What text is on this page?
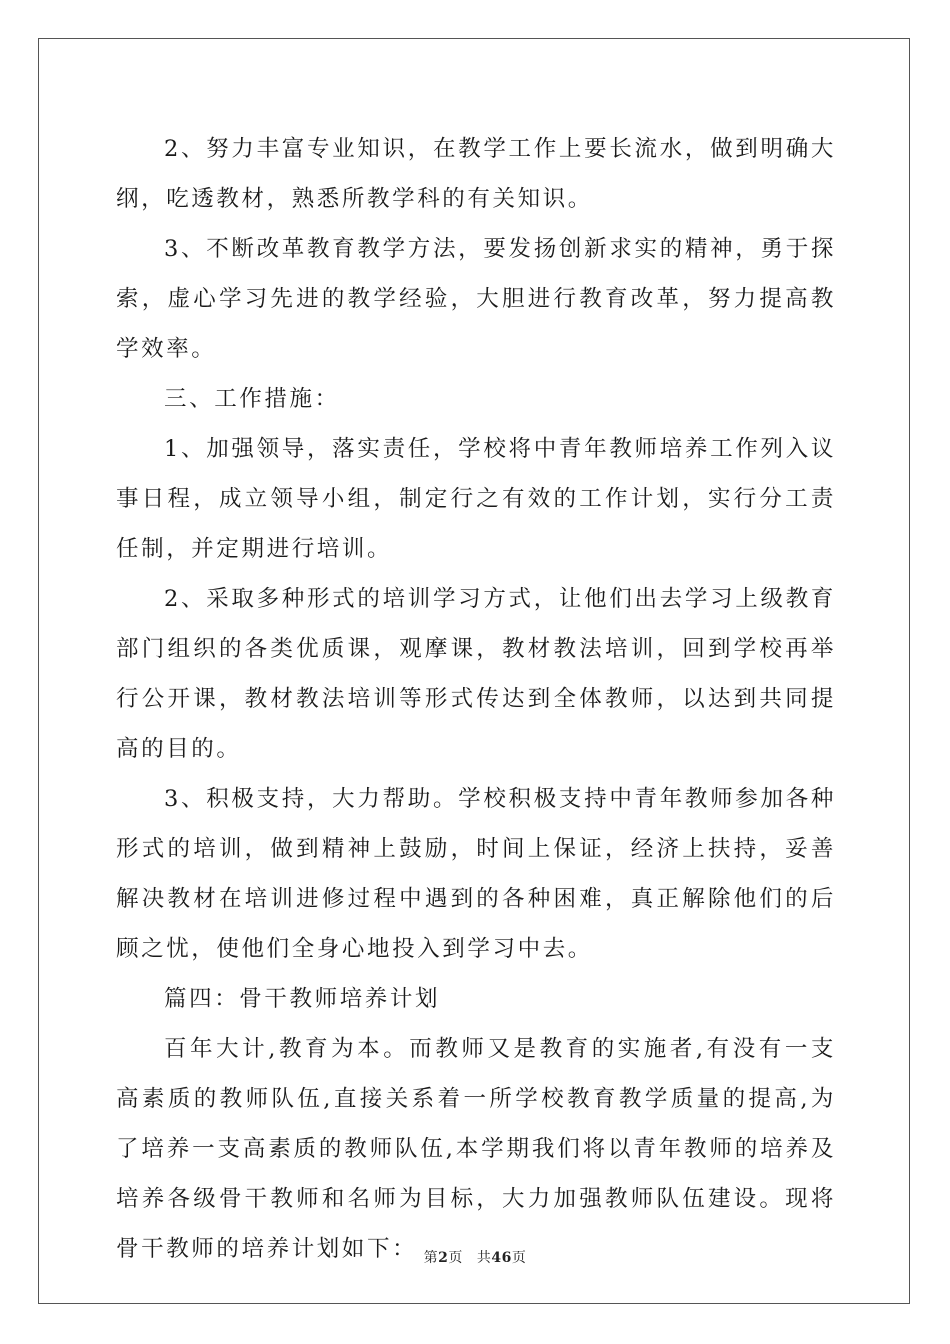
2、努力丰富专业知识，在教学工作上要长流水，做到明确大纲，吃透教材，熟悉所教学科的有关知识。

3、不断改革教育教学方法，要发扬创新求实的精神，勇于探索，虚心学习先进的教学经验，大胆进行教育改革，努力提高教学效率。

三、工作措施：

1、加强领导，落实责任，学校将中青年教师培养工作列入议事日程，成立领导小组，制定行之有效的工作计划，实行分工责任制，并定期进行培训。

2、采取多种形式的培训学习方式，让他们出去学习上级教育部门组织的各类优质课，观摩课，教材教法培训，回到学校再举行公开课，教材教法培训等形式传达到全体教师，以达到共同提高的目的。

3、积极支持，大力帮助。学校积极支持中青年教师参加各种形式的培训，做到精神上鼓励，时间上保证，经济上扶持，妥善解决教材在培训进修过程中遇到的各种困难，真正解除他们的后顾之忧，使他们全身心地投入到学习中去。

篇四：骨干教师培养计划

百年大计,教育为本。而教师又是教育的实施者,有没有一支高素质的教师队伍,直接关系着一所学校教育教学质量的提高,为了培养一支高素质的教师队伍,本学期我们将以青年教师的培养及培养各级骨干教师和名师为目标，大力加强教师队伍建设。现将骨干教师的培养计划如下： 第2页 共46页
